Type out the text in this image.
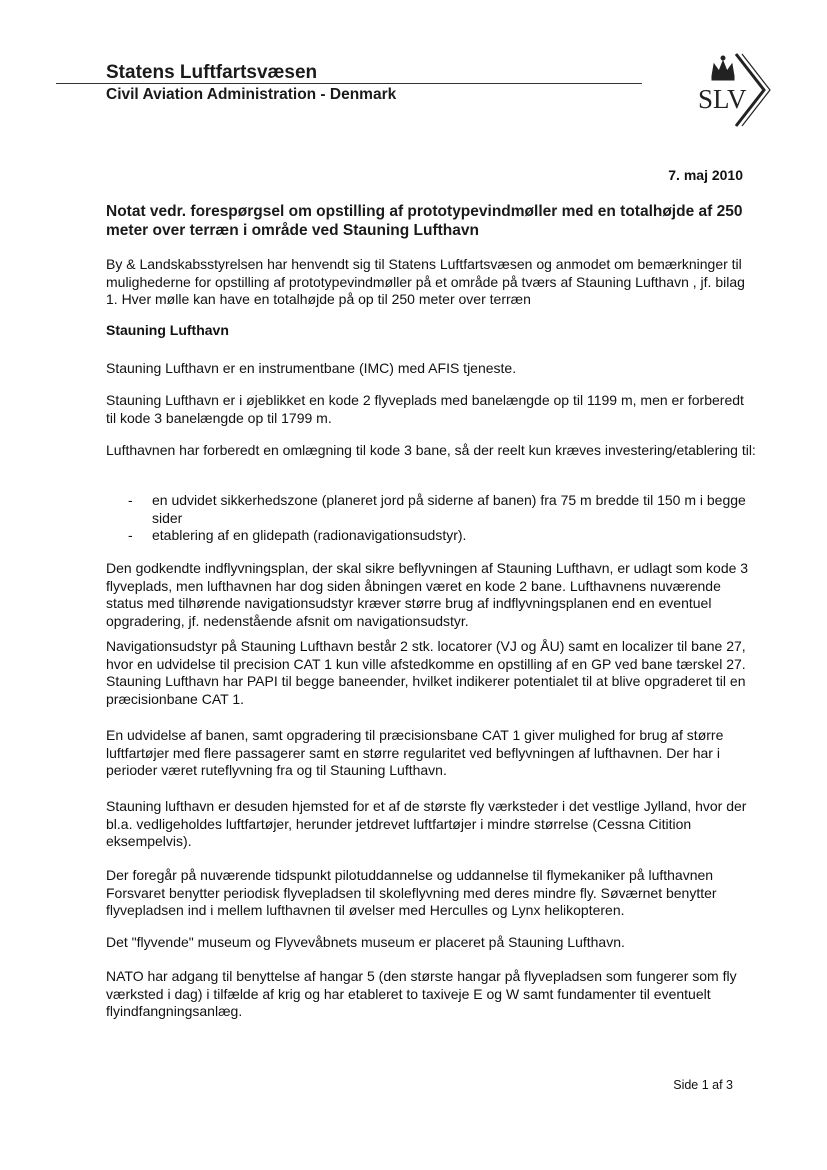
Statens Luftfartsvæsen
Civil Aviation Administration - Denmark	SLV
7. maj 2010
Notat vedr. forespørgsel om opstilling af prototypevindmøller med en totalhøjde af 250 meter over terræn i område ved Stauning Lufthavn

By & Landskabsstyrelsen har henvendt sig til Statens Luftfartsvæsen og anmodet om bemærkninger til mulighederne for opstilling af prototypevindmøller på et område på tværs af Stauning Lufthavn , jf. bilag 1. Hver mølle kan have en totalhøjde på op til 250 meter over terræn

Stauning Lufthavn

Stauning Lufthavn er en instrumentbane (IMC) med AFIS tjeneste.

Stauning Lufthavn er i øjeblikket en kode 2 flyveplads med banelængde op til 1199 m, men er forberedt til kode 3 banelængde op til 1799 m.

Lufthavnen har forberedt en omlægning til kode 3 bane, så der reelt kun kræves investering/etablering til:

- en udvidet sikkerhedszone (planeret jord på siderne af banen) fra 75 m bredde til 150 m i begge sider
- etablering af en glidepath (radionavigationsudstyr).

Den godkendte indflyvningsplan, der skal sikre beflyvningen af Stauning Lufthavn, er udlagt som kode 3 flyveplads, men lufthavnen har dog siden åbningen været en kode 2 bane. Lufthavnens nuværende status med tilhørende navigationsudstyr kræver større brug af indflyvningsplanen end en eventuel opgradering, jf. nedenstående afsnit om navigationsudstyr.

Navigationsudstyr på Stauning Lufthavn består 2 stk. locatorer (VJ og ÅU) samt en localizer til bane 27, hvor en udvidelse til precision CAT 1 kun ville afstedkomme en opstilling af en GP ved bane tærskel 27. Stauning Lufthavn har PAPI til begge baneender, hvilket indikerer potentialet til at blive opgraderet til en præcisionbane CAT 1.

En udvidelse af banen, samt opgradering til præcisionsbane CAT 1 giver mulighed for brug af større luftfartøjer med flere passagerer samt en større regularitet ved beflyvningen af lufthavnen. Der har i perioder været ruteflyvning fra og til Stauning Lufthavn.

Stauning lufthavn er desuden hjemsted for et af de største fly værksteder i det vestlige Jylland, hvor der bl.a. vedligeholdes luftfartøjer, herunder jetdrevet luftfartøjer i mindre størrelse (Cessna Citition eksempelvis).

Der foregår på nuværende tidspunkt pilotuddannelse og uddannelse til flymekaniker på lufthavnen Forsvaret benytter periodisk flyvepladsen til skoleflyvning med deres mindre fly. Søværnet benytter flyvepladsen ind i mellem lufthavnen til øvelser med Herculles og Lynx helikopteren.

Det "flyvende" museum og Flyvevåbnets museum er placeret på Stauning Lufthavn.

NATO har adgang til benyttelse af hangar 5 (den største hangar på flyvepladsen som fungerer som fly værksted i dag) i tilfælde af krig og har etableret to taxiveje E og W samt fundamenter til eventuelt flyindfangningsanlæg.

Side 1 af 3
